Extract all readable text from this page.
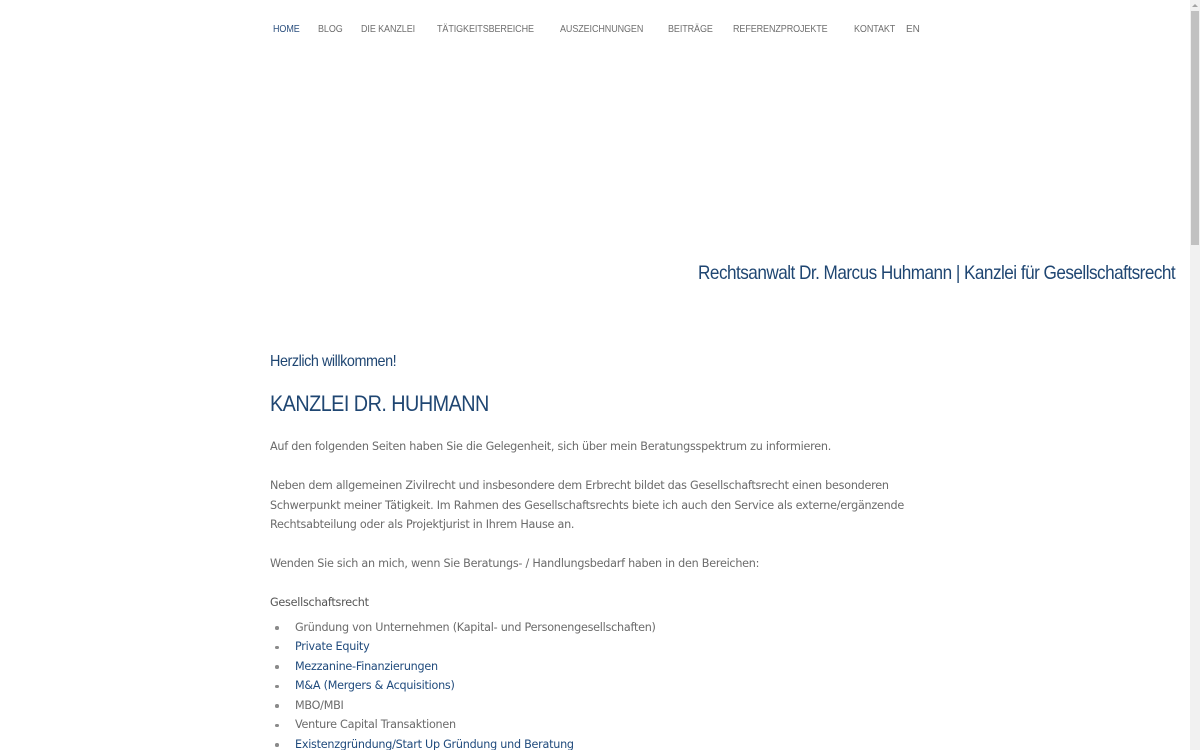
HOME BLOG DIE KANZLEI TÄTIGKEITSBEREICHE	AUSZEICHNUNGEN BEITRÄGE REFERENZPROJEKTE	KONTAKT EN
Rechtsanwalt Dr. Marcus Huhmann | Kanzlei für Gesellschaftsrecht
Herzlich willkommen!
KANZLEI DR. HUHMANN

Auf den folgenden Seiten haben Sie die Gelegenheit, sich über mein Beratungsspektrum zu informieren.

Neben dem allgemeinen Zivilrecht und insbesondere dem Erbrecht bildet das Gesellschaftsrecht einen besonderen Schwerpunkt meiner Tätigkeit. Im Rahmen des Gesellschaftsrechts biete ich auch den Service als externe/ergänzende Rechtsabteilung oder als Projektjurist in Ihrem Hause an.

Wenden Sie sich an mich, wenn Sie Beratungs- / Handlungsbedarf haben in den Bereichen:

Gesellschaftsrecht
Gründung von Unternehmen (Kapital- und Personengesellschaften)
Private Equity
Mezzanine-Finanzierungen
M&A (Mergers & Acquisitions)
MBO/MBI
Venture Capital Transaktionen
Existenzgründung/Start Up Gründung und Beratung
